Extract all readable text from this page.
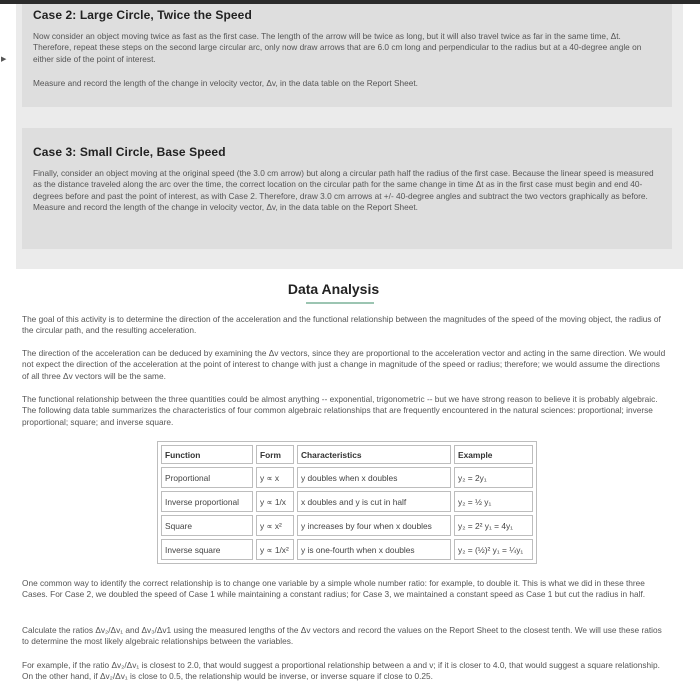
▶
Case 2: Large Circle, Twice the Speed

Now consider an object moving twice as fast as the first case. The length of the arrow will be twice as long, but it will also travel twice as far in the same time, Δt. Therefore, repeat these steps on the second large circular arc, only now draw arrows that are 6.0 cm long and perpendicular to the radius but at a 40-degree angle on either side of the point of interest.

Measure and record the length of the change in velocity vector, Δv, in the data table on the Report Sheet.

Case 3: Small Circle, Base Speed

Finally, consider an object moving at the original speed (the 3.0 cm arrow) but along a circular path half the radius of the first case. Because the linear speed is measured as the distance traveled along the arc over the time, the correct location on the circular path for the same change in time Δt as in the first case must begin and end 40-degrees before and past the point of interest, as with Case 2. Therefore, draw 3.0 cm arrows at +/- 40-degree angles and subtract the two vectors graphically as before. Measure and record the length of the change in velocity vector, Δv, in the data table on the Report Sheet.

Data Analysis

The goal of this activity is to determine the direction of the acceleration and the functional relationship between the magnitudes of the speed of the moving object, the radius of the circular path, and the resulting acceleration.

The direction of the acceleration can be deduced by examining the Δv vectors, since they are proportional to the acceleration vector and acting in the same direction. We would not expect the direction of the acceleration at the point of interest to change with just a change in magnitude of the speed or radius; therefore; we would assume the directions of all three Δv vectors will be the same.

The functional relationship between the three quantities could be almost anything -- exponential, trigonometric -- but we have strong reason to believe it is probably algebraic. The following data table summarizes the characteristics of four common algebraic relationships that are frequently encountered in the natural sciences: proportional; inverse proportional; square; and inverse square.

Function	Form	Characteristics	Example
Proportional	y ∝ x	y doubles when x doubles	y₂ = 2y₁
Inverse proportional	y ∝ 1/x	x doubles and y is cut in half	y₂ = ½ y₁
Square	y ∝ x²	y increases by four when x doubles	y₂ = 2² y₁ = 4y₁
Inverse square	y ∝ 1/x²	y is one-fourth when x doubles	y₂ = (½)² y₁ = ¼y₁

One common way to identify the correct relationship is to change one variable by a simple whole number ratio: for example, to double it. This is what we did in these three Cases. For Case 2, we doubled the speed of Case 1 while maintaining a constant radius; for Case 3, we maintained a constant speed as Case 1 but cut the radius in half.

Calculate the ratios Δv₂/Δv₁ and Δv₃/Δv1 using the measured lengths of the Δv vectors and record the values on the Report Sheet to the closest tenth. We will use these ratios to determine the most likely algebraic relationships between the variables.

For example, if the ratio Δv₂/Δv₁ is closest to 2.0, that would suggest a proportional relationship between a and v; if it is closer to 4.0, that would suggest a square relationship. On the other hand, if Δv₂/Δv₁ is close to 0.5, the relationship would be inverse, or inverse square if close to 0.25.
